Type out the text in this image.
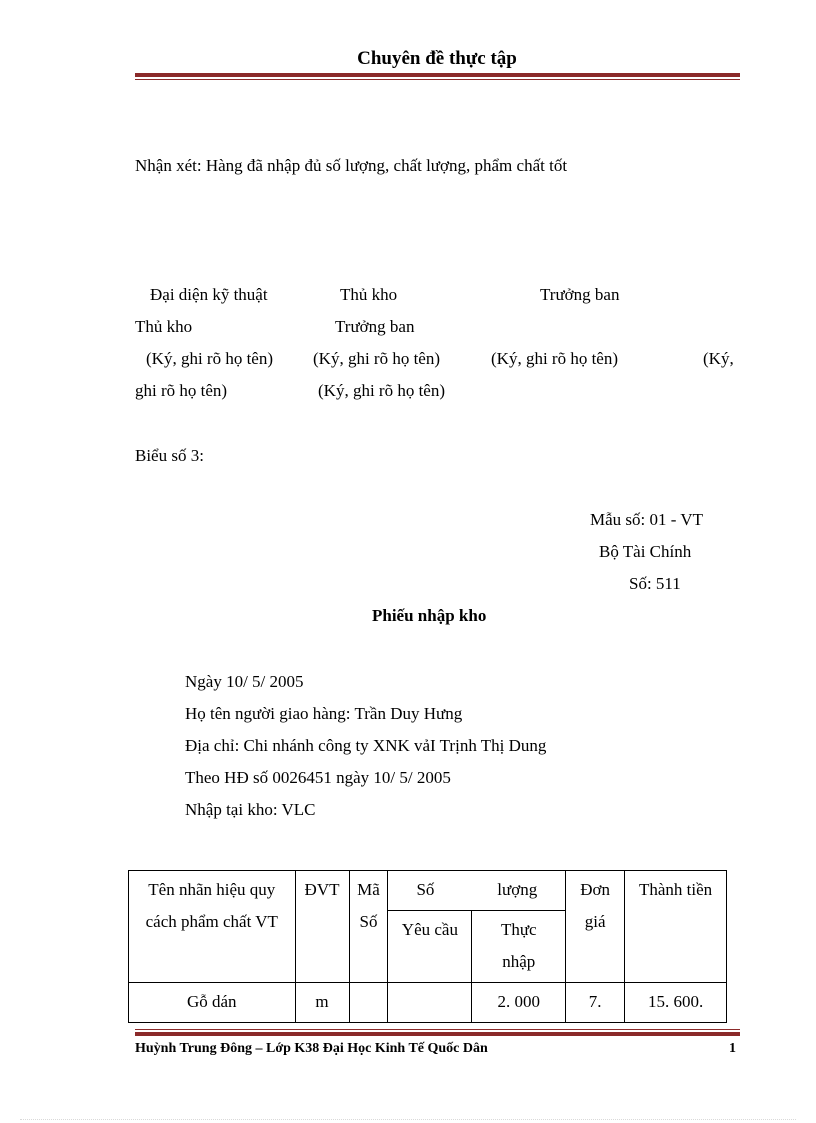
Chuyên đề thực tập
Nhận xét: Hàng đã nhập đủ số lượng, chất lượng, phẩm chất tốt
Đại diện kỹ thuật	Thủ kho	Trưởng ban
Thủ kho	Trưởng ban
(Ký, ghi rõ họ tên) (Ký, ghi rõ họ tên)	(Ký, ghi rõ họ tên)	(Ký,
ghi rõ họ tên)	(Ký, ghi rõ họ tên)
Biểu số 3:
Mẫu số: 01 - VT
Bộ Tài Chính
Số: 511
Phiếu nhập kho
Ngày 10/ 5/ 2005
Họ tên người giao hàng: Trần Duy Hưng
Địa chỉ: Chi nhánh công ty XNK vảI Trịnh Thị Dung
Theo HĐ số 0026451 ngày 10/ 5/ 2005
Nhập tại kho: VLC
Tên nhãn hiệu quy cách phẩm chất VT	ĐVT	Mã Số	Số lượng		Đơn giá	Thành tiền
			Yêu cầu	Thực nhập		
Gỗ dán	m			2. 000	7.	15. 600.
Huỳnh Trung Đông – Lớp K38 Đại Học Kinh Tế Quốc Dân	1
